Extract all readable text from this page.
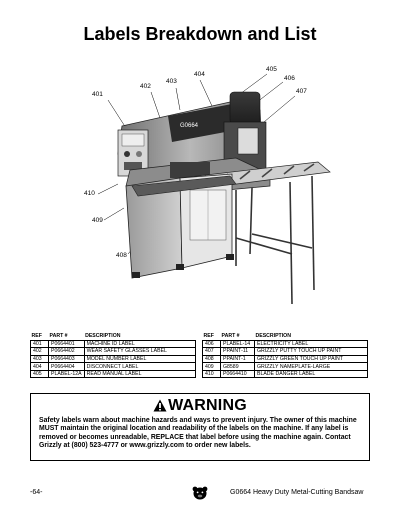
Labels Breakdown and List
G0664
401
402
403
404
405
406
407
408
409
410
REF	PART #	DESCRIPTION
401	P0664401	MACHINE ID LABEL
402	P0664402	WEAR SAFETY GLASSES LABEL
403	P0664403	MODEL NUMBER LABEL
404	P0664404	DISCONNECT LABEL
405	PLABEL-12A	READ MANUAL LABEL
REF	PART #	DESCRIPTION
406	PLABEL-14	ELECTRICITY LABEL
407	PPAINT-11	GRIZZLY PUTTY TOUCH UP PAINT
408	PPAINT-1	GRIZZLY GREEN TOUCH UP PAINT
409	G8589	GRIZZLY NAMEPLATE-LARGE
410	P0664410	BLADE DANGER LABEL
WARNING
Safety labels warn about machine hazards and ways to prevent injury. The owner of this machine MUST maintain the original location and readability of the labels on the machine. If any label is removed or becomes unreadable, REPLACE that label before using the machine again. Contact Grizzly at (800) 523-4777 or www.grizzly.com to order new labels.
-64-	G0664 Heavy Duty Metal-Cutting Bandsaw
